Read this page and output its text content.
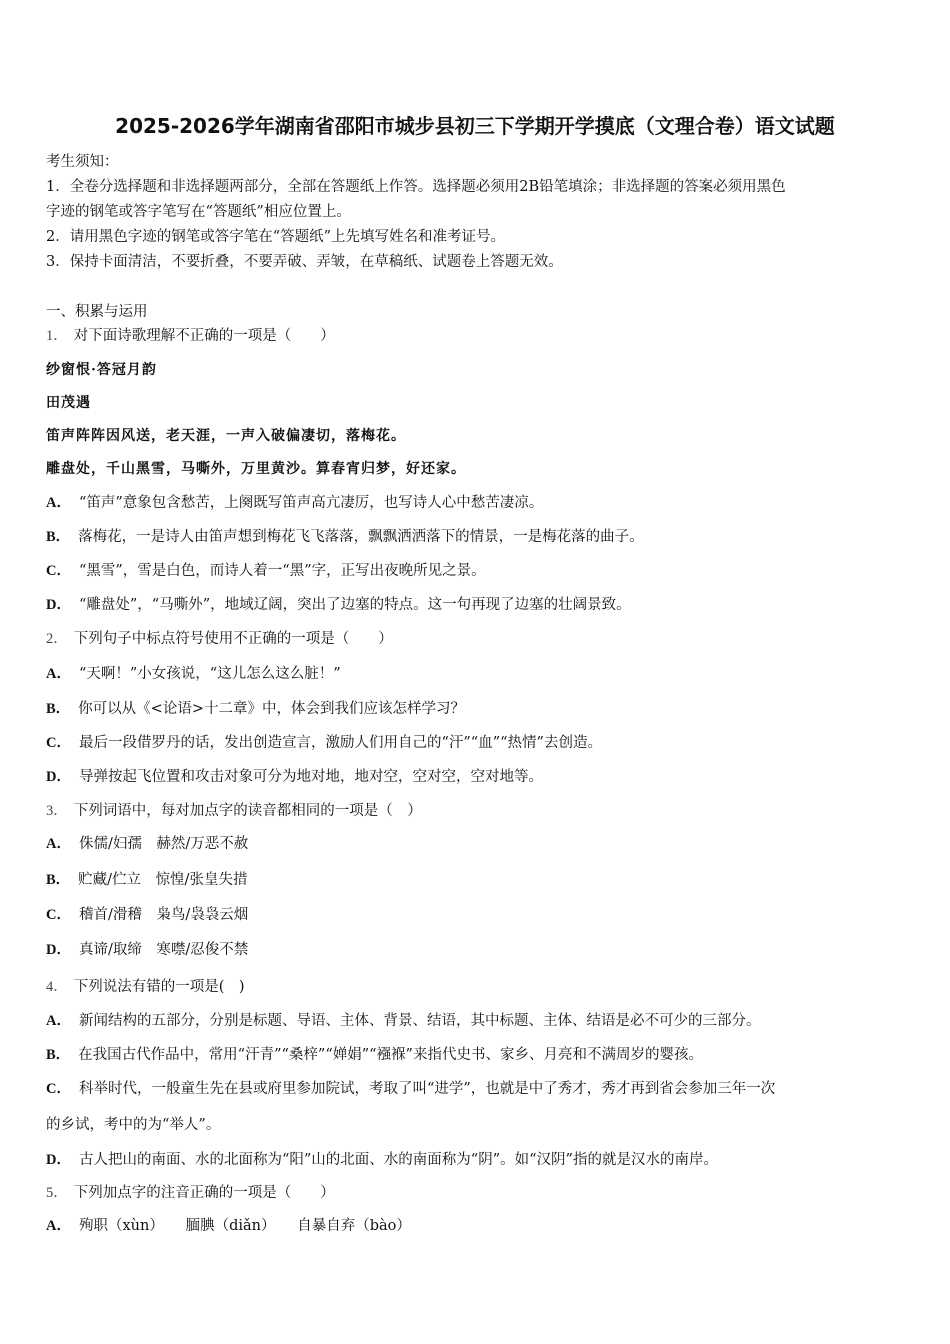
2025-2026学年湖南省邵阳市城步县初三下学期开学摸底（文理合卷）语文试题
考生须知：
1．全卷分选择题和非选择题两部分，全部在答题纸上作答。选择题必须用2B铅笔填涂；非选择题的答案必须用黑色
字迹的钢笔或答字笔写在“答题纸”相应位置上。
2．请用黑色字迹的钢笔或答字笔在“答题纸”上先填写姓名和准考证号。
3．保持卡面清洁，不要折叠，不要弄破、弄皱，在草稿纸、试题卷上答题无效。
一、积累与运用
1． 对下面诗歌理解不正确的一项是（　　）
纱窗恨·答冠月韵
田茂遇
笛声阵阵因风送，老天涯，一声入破偏凄切，落梅花。
雕盘处，千山黑雪，马嘶外，万里黄沙。算春宵归梦，好还家。
A． “笛声”意象包含愁苦，上阕既写笛声高亢凄厉，也写诗人心中愁苦凄凉。
B． 落梅花，一是诗人由笛声想到梅花飞飞落落，飘飘洒洒落下的情景，一是梅花落的曲子。
C． “黑雪”，雪是白色，而诗人着一“黑”字，正写出夜晚所见之景。
D． “雕盘处”，“马嘶外”，地域辽阔，突出了边塞的特点。这一句再现了边塞的壮阔景致。
2． 下列句子中标点符号使用不正确的一项是（　　）
A． “天啊！”小女孩说，“这儿怎么这么脏！”
B． 你可以从《<论语>十二章》中，体会到我们应该怎样学习？
C． 最后一段借罗丹的话，发出创造宣言，激励人们用自己的“汗”“血”“热情”去创造。
D． 导弹按起飞位置和攻击对象可分为地对地，地对空，空对空，空对地等。
3． 下列词语中，每对加点字的读音都相同的一项是（　）
A． 侏儒/妇孺　赫然/万恶不赦
B． 贮藏/伫立　惊惶/张皇失措
C． 稽首/滑稽　枭鸟/袅袅云烟
D． 真谛/取缔　寒噤/忍俊不禁
4． 下列说法有错的一项是(　)
A． 新闻结构的五部分，分别是标题、导语、主体、背景、结语，其中标题、主体、结语是必不可少的三部分。
B． 在我国古代作品中，常用“汗青”“桑梓”“婵娟”“襁褓”来指代史书、家乡、月亮和不满周岁的婴孩。
C． 科举时代，一般童生先在县或府里参加院试，考取了叫“进学”，也就是中了秀才，秀才再到省会参加三年一次
的乡试，考中的为“举人”。
D． 古人把山的南面、水的北面称为“阳”山的北面、水的南面称为“阴”。如“汉阴”指的就是汉水的南岸。
5． 下列加点字的注音正确的一项是（　　）
A． 殉职（xùn）　　腼腆（diǎn）　　自暴自弃（bào）
